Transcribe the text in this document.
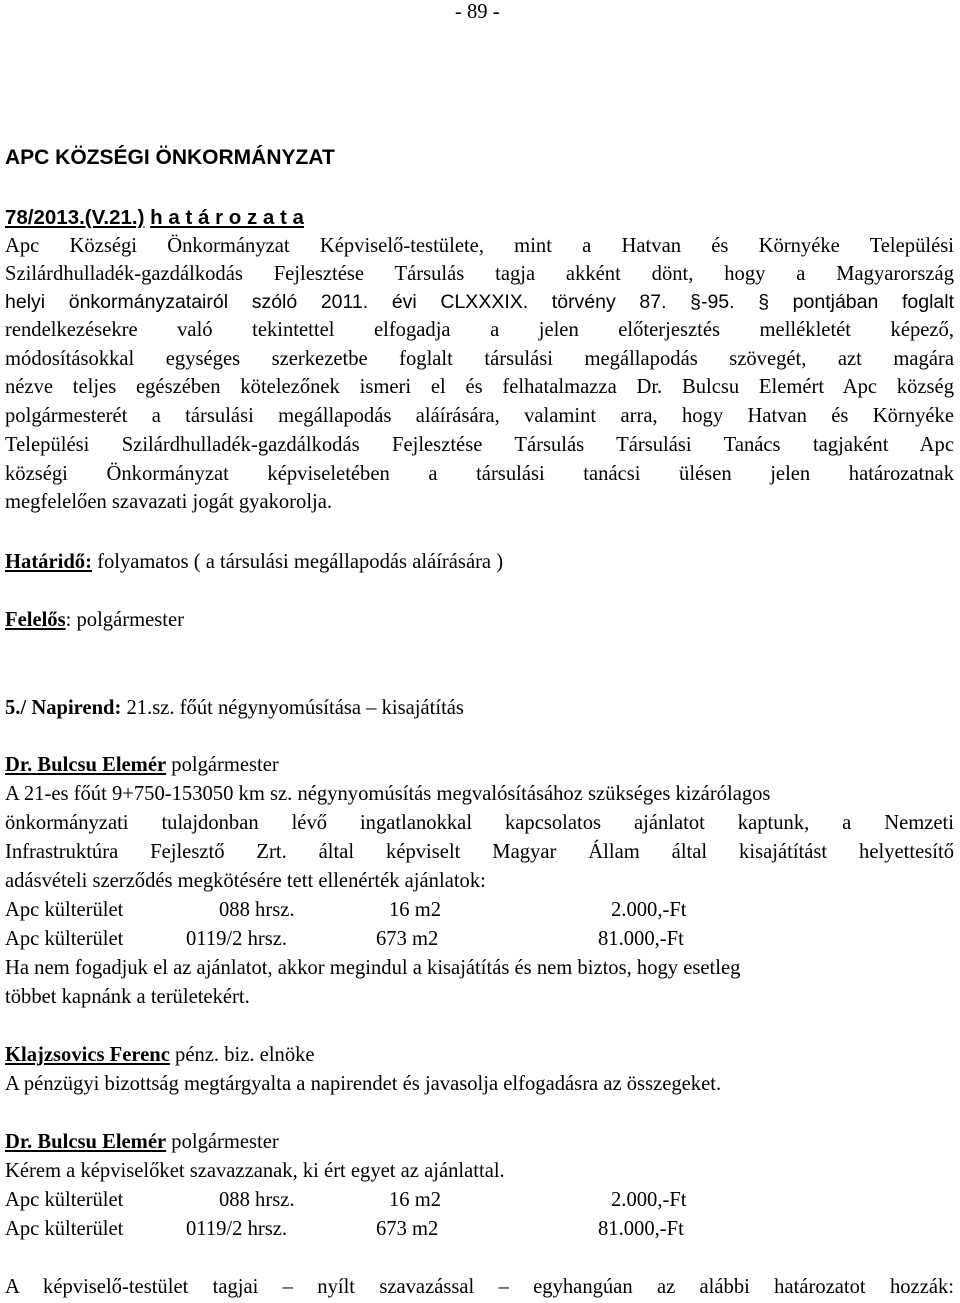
- 89 -
APC KÖZSÉGI ÖNKORMÁNYZAT
78/2013.(V.21.) h a t á r o z a t a
Apc Községi Önkormányzat Képviselő-testülete, mint a Hatvan és Környéke Települési
Szilárdhulladék-gazdálkodás Fejlesztése Társulás tagja akként dönt, hogy a Magyarország
helyi önkormányzatairól szóló 2011. évi CLXXXIX. törvény 87. §-95. § pontjában foglalt
rendelkezésekre való tekintettel elfogadja a jelen előterjesztés mellékletét képező,
módosításokkal egységes szerkezetbe foglalt társulási megállapodás szövegét, azt magára
nézve teljes egészében kötelezőnek ismeri el és felhatalmazza Dr. Bulcsu Elemért Apc község
polgármesterét a társulási megállapodás aláírására, valamint arra, hogy Hatvan és Környéke
Települési Szilárdhulladék-gazdálkodás Fejlesztése Társulás Társulási Tanács tagjaként Apc
községi Önkormányzat képviseletében a társulási tanácsi ülésen jelen határozatnak
megfelelően szavazati jogát gyakorolja.
Határidő: folyamatos ( a társulási megállapodás aláírására )
Felelős: polgármester
5./ Napirend: 21.sz. főút négynyomúsítása – kisajátítás
Dr. Bulcsu Elemér polgármester
A 21-es főút 9+750-153050 km sz. négynyomúsítás megvalósításához szükséges kizárólagos
önkormányzati tulajdonban lévő ingatlanokkal kapcsolatos ajánlatot kaptunk, a Nemzeti
Infrastruktúra Fejlesztő Zrt. által képviselt Magyar Állam által kisajátítást helyettesítő
adásvételi szerződés megkötésére tett ellenérték ajánlatok:
Apc külterület	088 hrsz.	16 m2	2.000,-Ft
Apc külterület	0119/2 hrsz.	673 m2	81.000,-Ft
Ha nem fogadjuk el az ajánlatot, akkor megindul a kisajátítás és nem biztos, hogy esetleg
többet kapnánk a területekért.
Klajzsovics Ferenc pénz. biz. elnöke
A pénzügyi bizottság megtárgyalta a napirendet és javasolja elfogadásra az összegeket.
Dr. Bulcsu Elemér polgármester
Kérem a képviselőket szavazzanak, ki ért egyet az ajánlattal.
Apc külterület	088 hrsz.	16 m2	2.000,-Ft
Apc külterület	0119/2 hrsz.	673 m2	81.000,-Ft
A képviselő-testület tagjai – nyílt szavazással – egyhangúan az alábbi határozatot hozzák:
